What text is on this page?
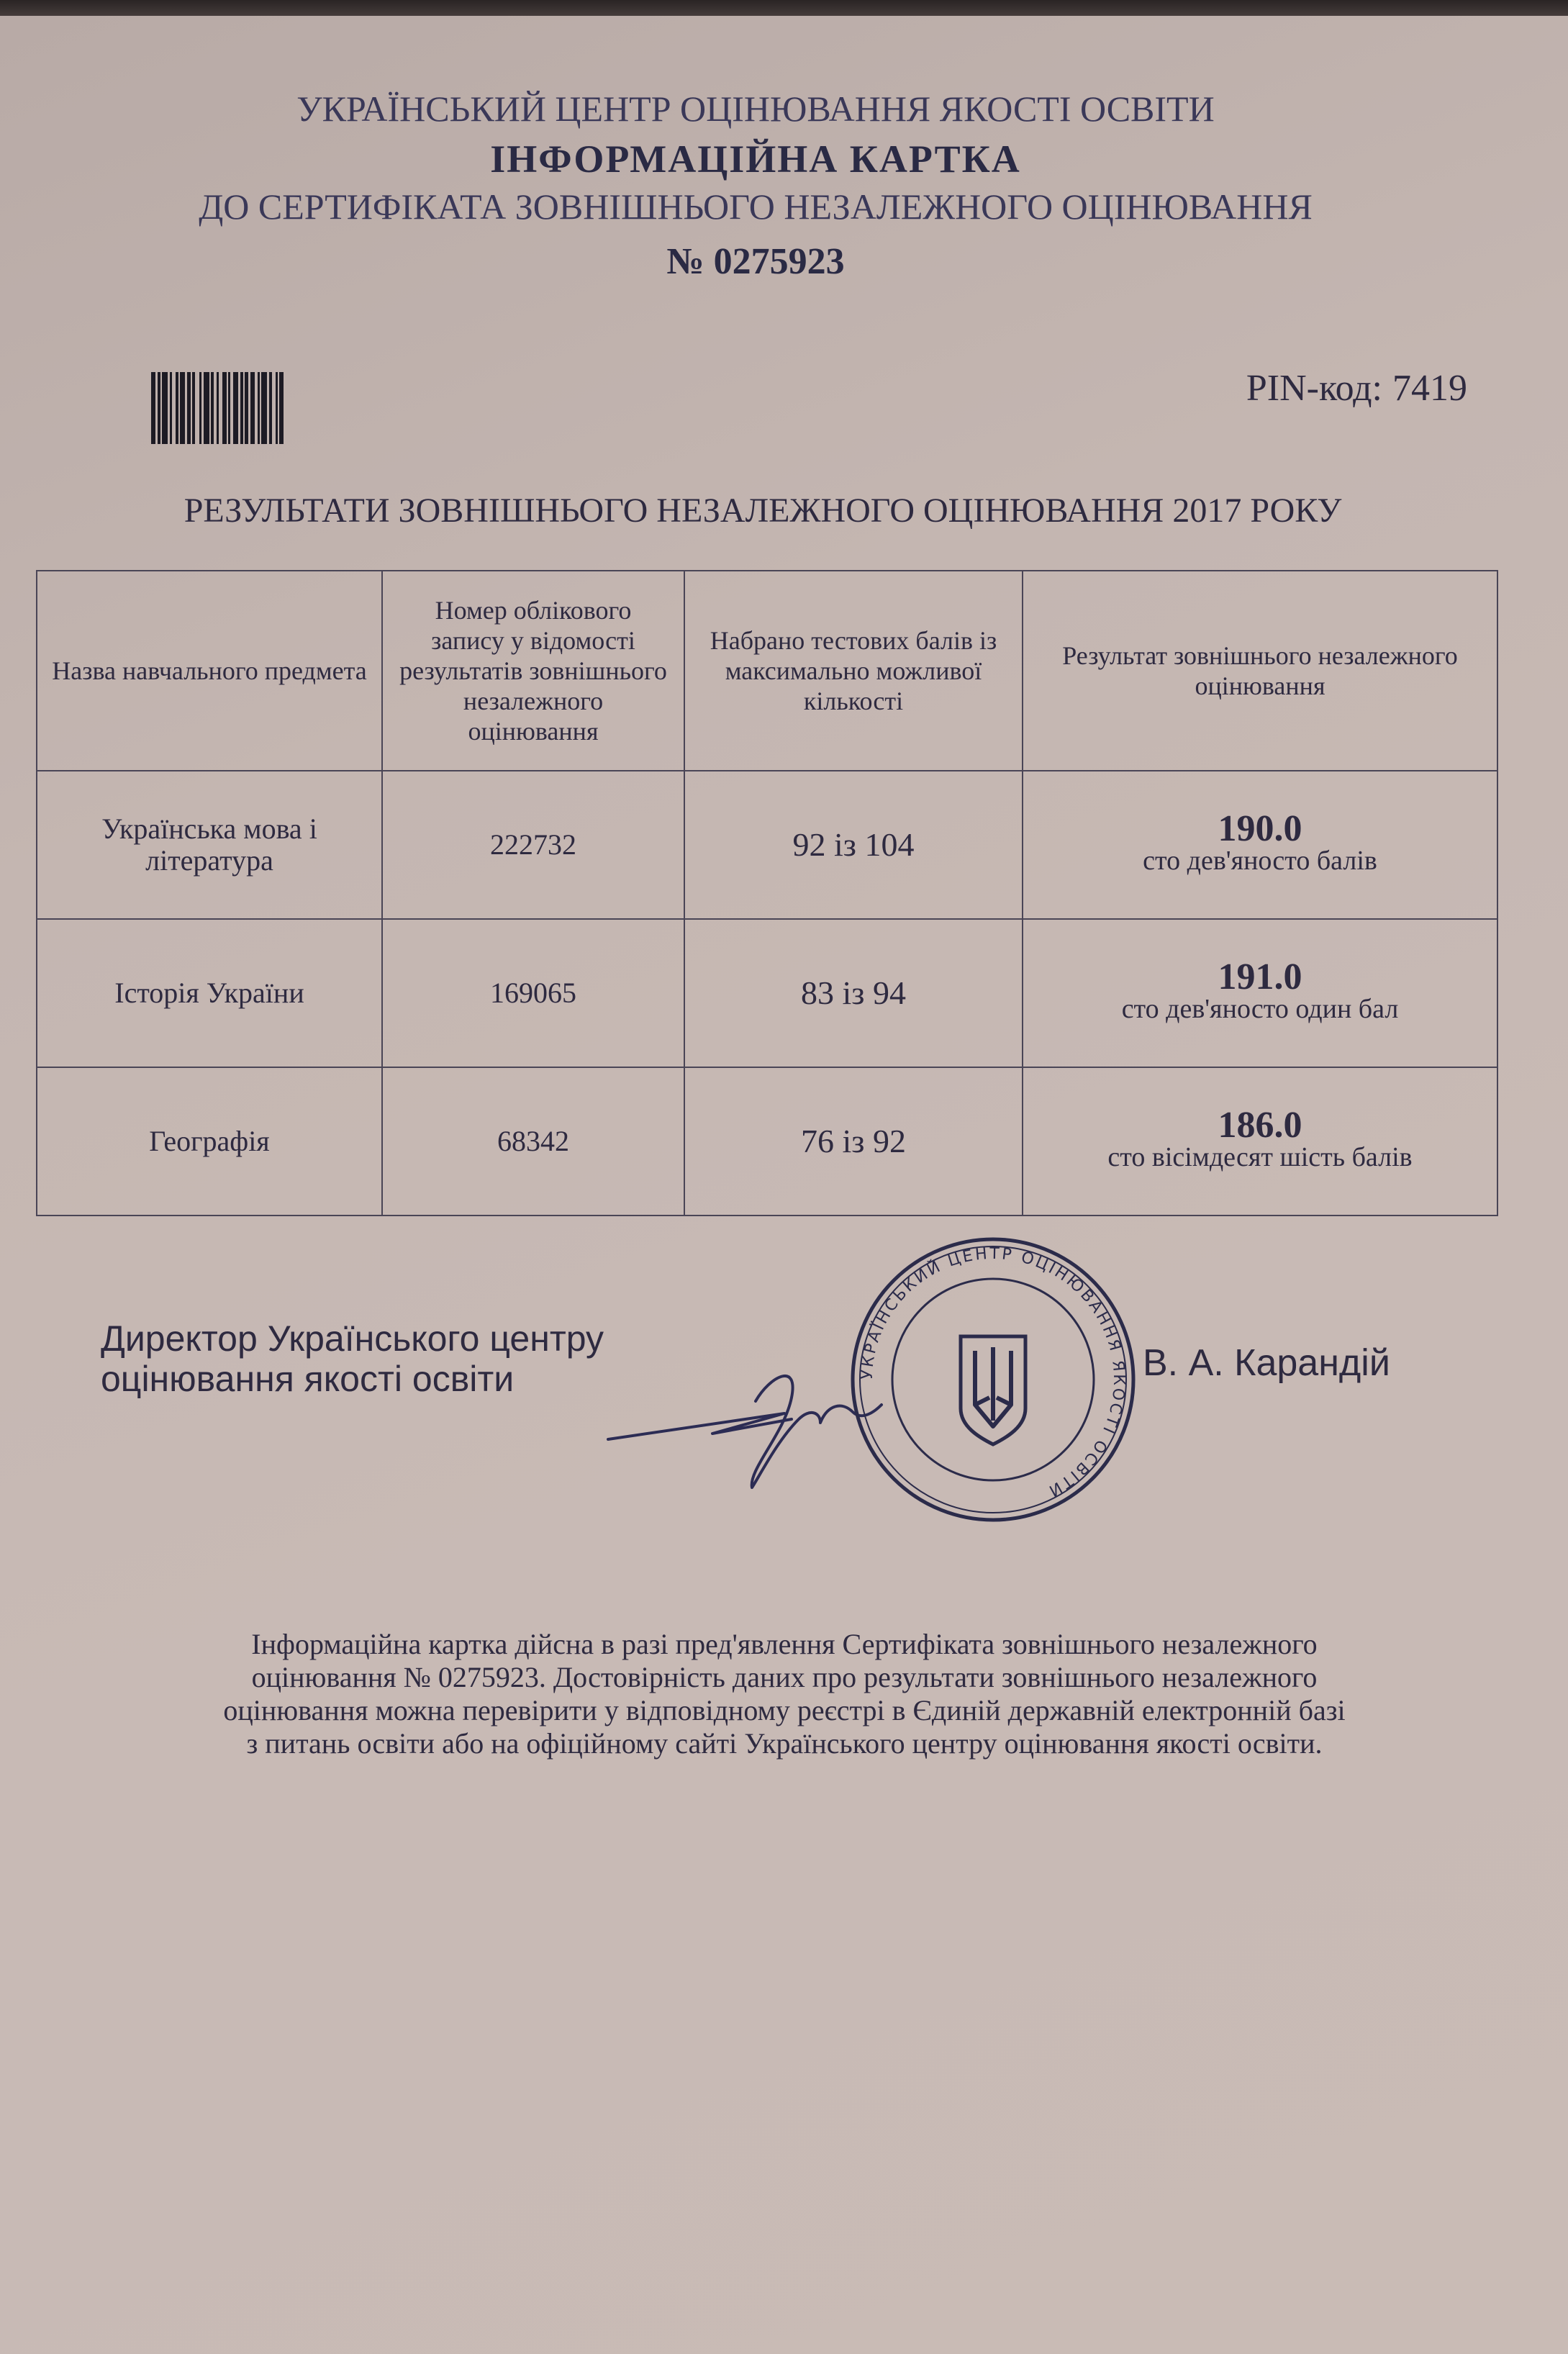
УКРАЇНСЬКИЙ ЦЕНТР ОЦІНЮВАННЯ ЯКОСТІ ОСВІТИ
ІНФОРМАЦІЙНА КАРТКА
ДО СЕРТИФІКАТА ЗОВНІШНЬОГО НЕЗАЛЕЖНОГО ОЦІНЮВАННЯ
№ 0275923
PIN-код: 7419
РЕЗУЛЬТАТИ ЗОВНІШНЬОГО НЕЗАЛЕЖНОГО ОЦІНЮВАННЯ 2017 РОКУ
Назва навчального предмета	Номер облікового запису у відомості результатів зовнішнього незалежного оцінювання	Набрано тестових балів із максимально можливої кількості	Результат зовнішнього незалежного оцінювання
Українська мова і література	222732	92 із 104	190.0
сто дев'яносто балів

Історія України	169065	83 із 94	191.0
сто дев'яносто один бал

Географія	68342	76 із 92	186.0
сто вісімдесят шість балів
Директор Українського центру
оцінювання якості освіти	УКРАЇНСЬКИЙ ЦЕНТР ОЦІНЮВАННЯ ЯКОСТІ ОСВІТИ
В. А. Карандій
Інформаційна картка дійсна в разі пред'явлення Сертифіката зовнішнього незалежного
оцінювання № 0275923. Достовірність даних про результати зовнішнього незалежного
оцінювання можна перевірити у відповідному реєстрі в Єдиній державній електронній базі
з питань освіти або на офіційному сайті Українського центру оцінювання якості освіти.
